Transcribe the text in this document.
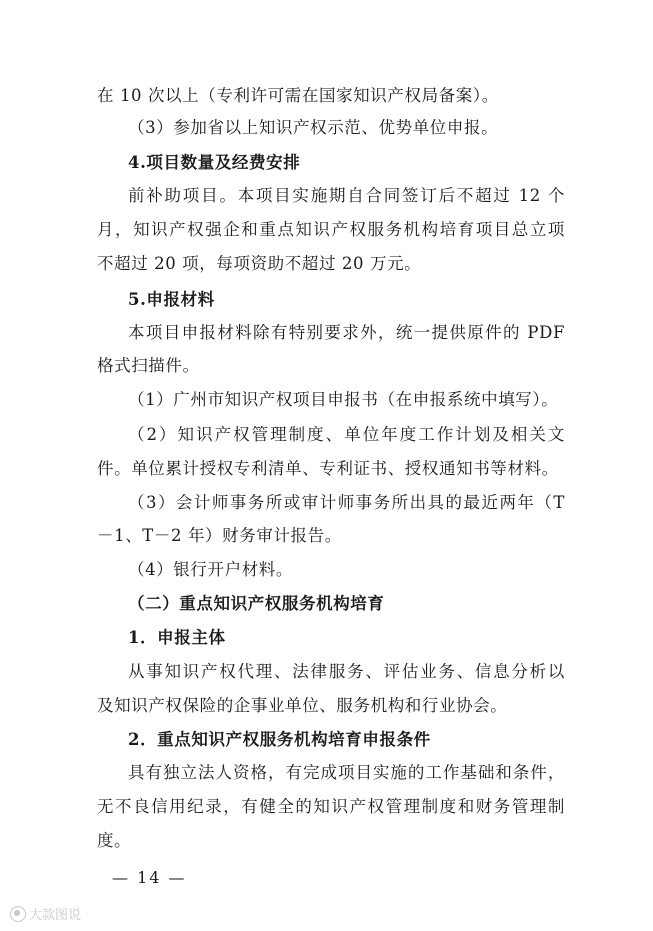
在 10 次以上（专利许可需在国家知识产权局备案）。
（3）参加省以上知识产权示范、优势单位申报。
4.项目数量及经费安排
前补助项目。本项目实施期自合同签订后不超过 12 个
月，知识产权强企和重点知识产权服务机构培育项目总立项
不超过 20 项，每项资助不超过 20 万元。
5.申报材料
本项目申报材料除有特别要求外，统一提供原件的 PDF
格式扫描件。
（1）广州市知识产权项目申报书（在申报系统中填写）。
（2）知识产权管理制度、单位年度工作计划及相关文
件。单位累计授权专利清单、专利证书、授权通知书等材料。
（3）会计师事务所或审计师事务所出具的最近两年（T
－1、T－2 年）财务审计报告。
（4）银行开户材料。
（二）重点知识产权服务机构培育
1．申报主体
从事知识产权代理、法律服务、评估业务、信息分析以
及知识产权保险的企事业单位、服务机构和行业协会。
2．重点知识产权服务机构培育申报条件
具有独立法人资格，有完成项目实施的工作基础和条件，
无不良信用纪录，有健全的知识产权管理制度和财务管理制
度。
— 14 —
大款图说
